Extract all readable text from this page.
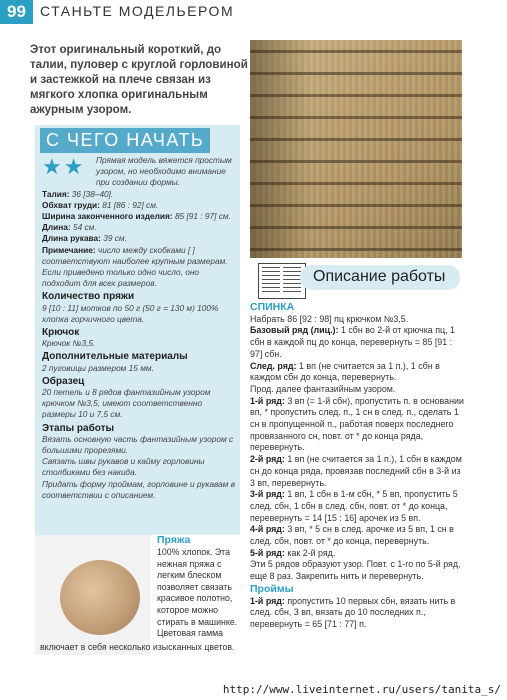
99	СТАНЬТЕ МОДЕЛЬЕРОМ
Этот оригинальный короткий, до талии, пуловер с круглой горловиной и застежкой на плече связан из мягкого хлопка оригинальным ажурным узором.
С ЧЕГО НАЧАТЬ
★★	Прямая модель вяжется простым узором, но необходимо внимание при создании формы.
Талия: 36 [38–40].
Обхват груди: 81 [86 : 92] см.
Ширина законченного изделия: 85 [91 : 97] см.
Длина: 54 см.
Длина рукава: 39 см.
Примечание: число между скобками [ ] соответствуют наиболее крупным размерам. Если приведено только одно число, оно подходит для всех размеров.
Количество пряжи
9 [10 : 11] мотков по 50 г (50 г = 130 м) 100% хлопка горчичного цвета.
Крючок
Крючок №3,5.
Дополнительные материалы
2 пуговицы размером 15 мм.
Образец
20 петель и 8 рядов фантазийным узором крючком №3,5, имеют соответственно размеры 10 и 7,5 см.
Этапы работы
Вязать основную часть фантазийным узором с большими прорезями.
Связать швы рукавов и кайму горловины столбиками без накида.
Придать форму проймам, горловине и рукавам в соответствии с описанием.
Пряжа
100% хлопок. Эта нежная пряжа с легким блеском позволяет связать красивое полотно, которое можно стирать в машинке. Цветовая гамма
включает в себя несколько изысканных цветов.
Описание работы
СПИНКА
Набрать 86 [92 : 98] пц крючком №3,5.
Базовый ряд (лиц.): 1 сбн во 2-й от крючка пц, 1 сбн в каждой пц до конца, перевернуть = 85 [91 : 97] сбн.
След. ряд: 1 вп (не считается за 1 п.), 1 сбн в каждом сбн до конца, перевернуть.
Прод. далее фантазийным узором.
1-й ряд: 3 вп (= 1-й сбн), пропустить п. в основании вп, * пропустить след. п., 1 сн в след. п., сделать 1 сн в пропущенной п., работая поверх последнего провязанного сн, повт. от * до конца ряда, перевернуть.
2-й ряд: 1 вп (не считается за 1 п.), 1 сбн в каждом сн до конца ряда, провязав последний сбн в 3-й из 3 вп, перевернуть.
3-й ряд: 1 вп, 1 сбн в 1-м сбн, * 5 вп, пропустить 5 след. сбн, 1 сбн в след. сбн, повт. от * до конца, перевернуть = 14 [15 : 16] арочек из 5 вп.
4-й ряд: 3 вп, * 5 сн в след. арочке из 5 вп, 1 сн в след. сбн, повт. от * до конца, перевернуть.
5-й ряд: как 2-й ряд.
Эти 5 рядов образуют узор. Повт. с 1-го по 5-й ряд, еще 8 раз. Закрепить нить и перевернуть.
Проймы
1-й ряд: пропустить 10 первых сбн, вязать нить в след. сбн, 3 вп, вязать до 10 последних п., перевернуть = 65 [71 : 77] п.
http://www.liveinternet.ru/users/tanita_s/
